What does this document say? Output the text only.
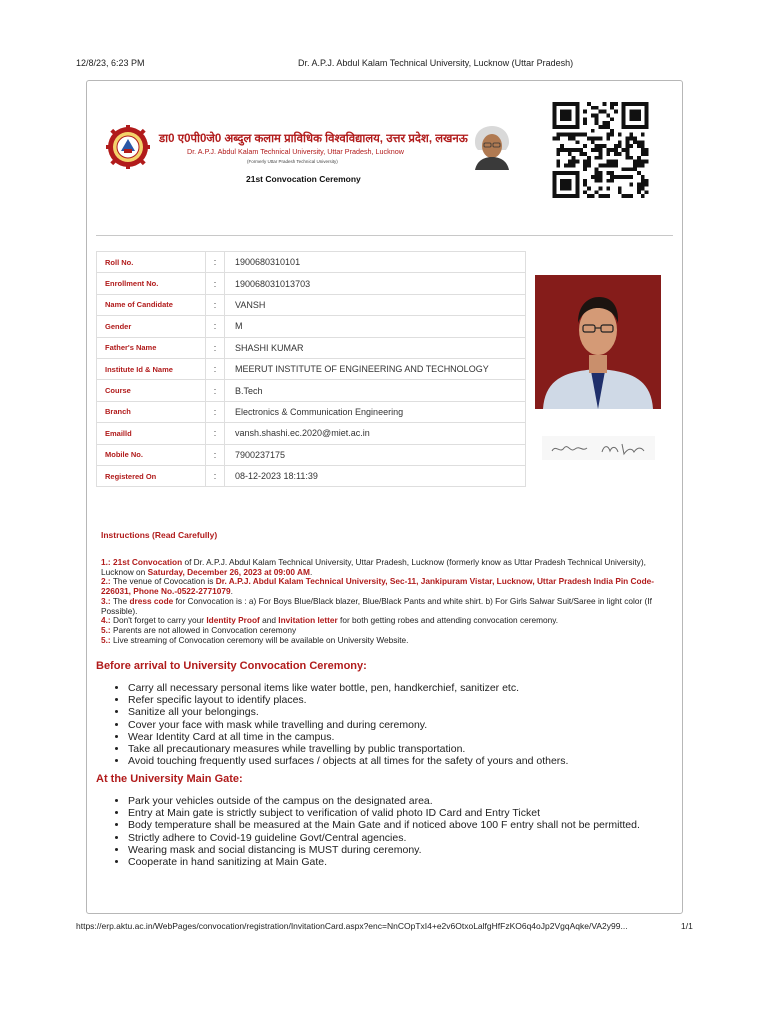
12/8/23, 6:23 PM	Dr. A.P.J. Abdul Kalam Technical University, Lucknow (Uttar Pradesh)
डा0 ए0पी0जे0 अब्दुल कलाम प्राविधिक विश्वविद्यालय, उत्तर प्रदेश, लखनऊ
Dr. A.P.J. Abdul Kalam Technical University, Uttar Pradesh, Lucknow
(Formerly Uttar Pradesh Technical University)
21st Convocation Ceremony
Roll No.	:	1900680310101
Enrollment No.	:	190068031013703
Name of Candidate	:	VANSH
Gender	:	M
Father's Name	:	SHASHI KUMAR
Institute Id & Name	:	MEERUT INSTITUTE OF ENGINEERING AND TECHNOLOGY
Course	:	B.Tech
Branch	:	Electronics & Communication Engineering
Emailld	:	vansh.shashi.ec.2020@miet.ac.in
Mobile No.	:	7900237175
Registered On	:	08-12-2023 18:11:39
Instructions (Read Carefully)
1.: 21st Convocation of Dr. A.P.J. Abdul Kalam Technical University, Uttar Pradesh, Lucknow (formerly know as Uttar Pradesh Technical University), Lucknow on Saturday, December 26, 2023 at 09:00 AM.
2.: The venue of Covocation is Dr. A.P.J. Abdul Kalam Technical University, Sec-11, Jankipuram Vistar, Lucknow, Uttar Pradesh India Pin Code-226031, Phone No.-0522-2771079.
3.: The dress code for Convocation is : a) For Boys Blue/Black blazer, Blue/Black Pants and white shirt. b) For Girls Salwar Suit/Saree in light color (If Possible).
4.: Don't forget to carry your Identity Proof and Invitation letter for both getting robes and attending convocation ceremony.
5.: Parents are not allowed in Convocation ceremony
5.: Live streaming of Convocation ceremony will be available on University Website.
Before arrival to University Convocation Ceremony:
• Carry all necessary personal items like water bottle, pen, handkerchief, sanitizer etc.
• Refer specific layout to identify places.
• Sanitize all your belongings.
• Cover your face with mask while travelling and during ceremony.
• Wear Identity Card at all time in the campus.
• Take all precautionary measures while travelling by public transportation.
• Avoid touching frequently used surfaces / objects at all times for the safety of yours and others.
At the University Main Gate:
• Park your vehicles outside of the campus on the designated area.
• Entry at Main gate is strictly subject to verification of valid photo ID Card and Entry Ticket
• Body temperature shall be measured at the Main Gate and if noticed above 100 F entry shall not be permitted.
• Strictly adhere to Covid-19 guideline Govt/Central agencies.
• Wearing mask and social distancing is MUST during ceremony.
• Cooperate in hand sanitizing at Main Gate.
https://erp.aktu.ac.in/WebPages/convocation/registration/InvitationCard.aspx?enc=NnCOpTxI4+e2v6OtxoLalfgHfFzKO6q4oJp2VgqAqke/VA2y99...	1/1
